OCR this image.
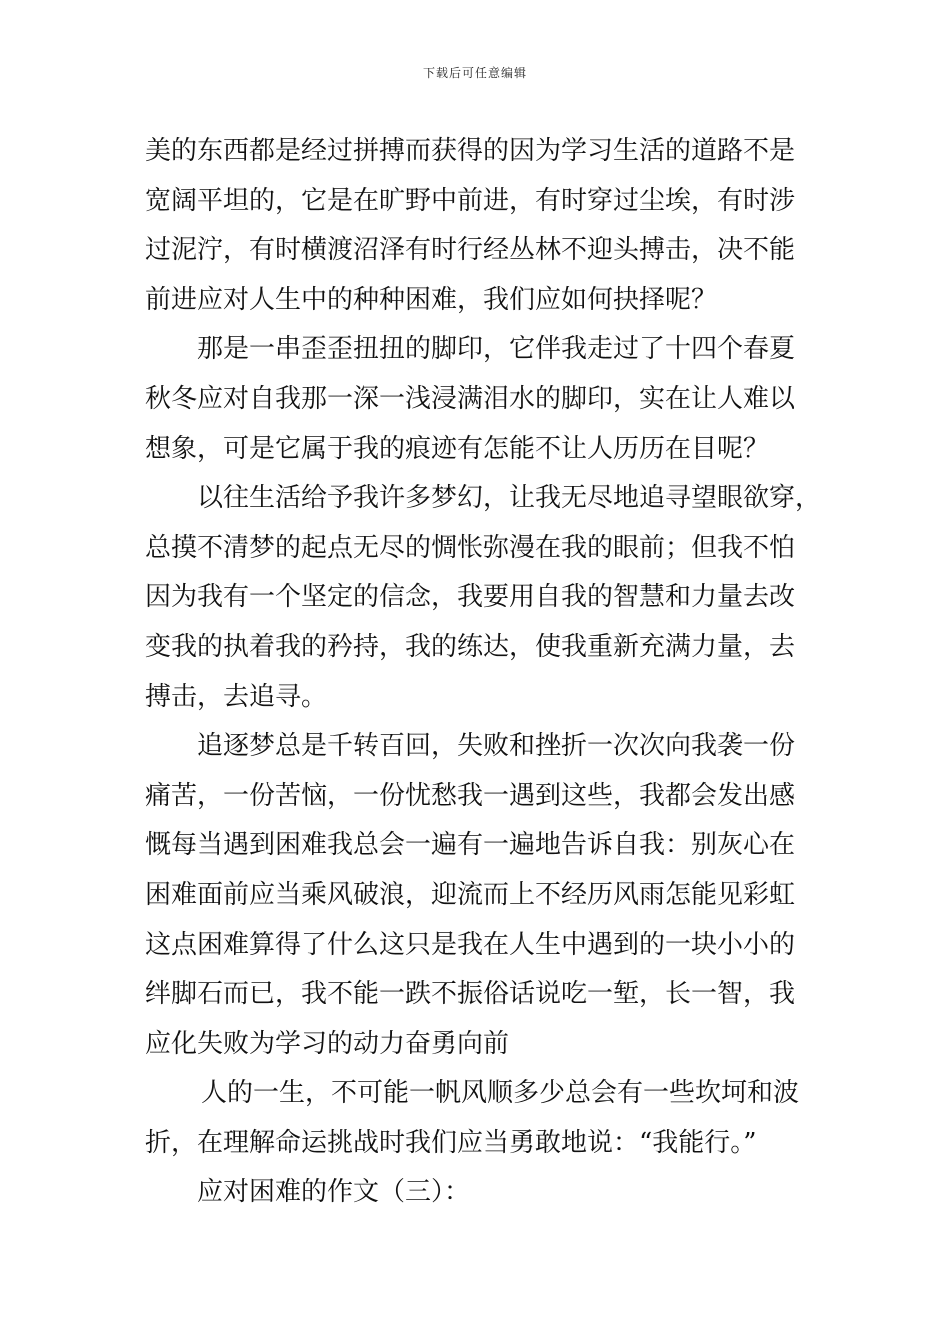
下载后可任意编辑
美的东西都是经过拼搏而获得的因为学习生活的道路不是
宽阔平坦的，它是在旷野中前进，有时穿过尘埃，有时涉
过泥泞，有时横渡沼泽有时行经丛林不迎头搏击，决不能
前进应对人生中的种种困难，我们应如何抉择呢？
那是一串歪歪扭扭的脚印，它伴我走过了十四个春夏
秋冬应对自我那一深一浅浸满泪水的脚印，实在让人难以
想象，可是它属于我的痕迹有怎能不让人历历在目呢？
以往生活给予我许多梦幻，让我无尽地追寻望眼欲穿，
总摸不清梦的起点无尽的惆怅弥漫在我的眼前；但我不怕
因为我有一个坚定的信念，我要用自我的智慧和力量去改
变我的执着我的矜持，我的练达，使我重新充满力量，去
搏击，去追寻。
追逐梦总是千转百回，失败和挫折一次次向我袭一份
痛苦，一份苦恼，一份忧愁我一遇到这些，我都会发出感
慨每当遇到困难我总会一遍有一遍地告诉自我：别灰心在
困难面前应当乘风破浪，迎流而上不经历风雨怎能见彩虹
这点困难算得了什么这只是我在人生中遇到的一块小小的
绊脚石而已，我不能一跌不振俗话说吃一堑，长一智，我
应化失败为学习的动力奋勇向前
人的一生，不可能一帆风顺多少总会有一些坎坷和波
折，在理解命运挑战时我们应当勇敢地说：“我能行。”
应对困难的作文（三）：
